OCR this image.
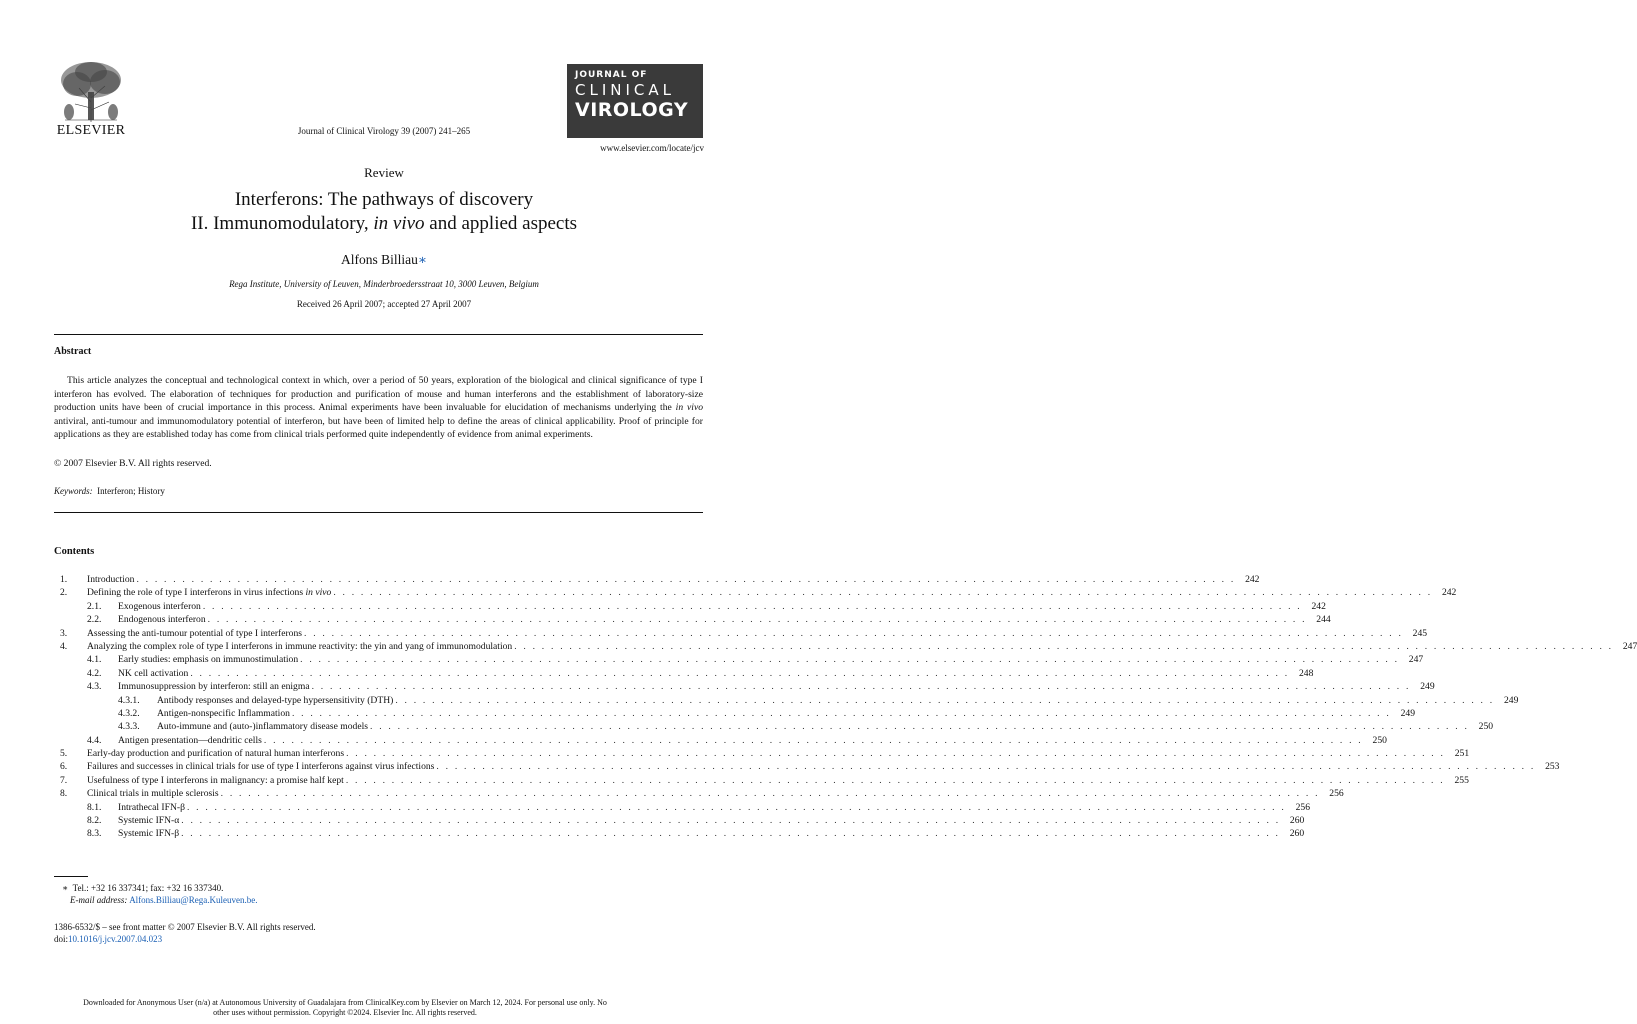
ELSEVIER	Journal of Clinical Virology 39 (2007) 241–265
JOURNAL OF
CLINICAL
VIROLOGY
www.elsevier.com/locate/jcv
Review
Interferons: The pathways of discovery
II. Immunomodulatory, in vivo and applied aspects
Alfons Billiau∗
Rega Institute, University of Leuven, Minderbroedersstraat 10, 3000 Leuven, Belgium
Received 26 April 2007; accepted 27 April 2007
Abstract

This article analyzes the conceptual and technological context in which, over a period of 50 years, exploration of the biological and clinical significance of type I interferon has evolved. The elaboration of techniques for production and purification of mouse and human interferons and the establishment of laboratory-size production units have been of crucial importance in this process. Animal experiments have been invaluable for elucidation of mechanisms underlying the in vivo antiviral, anti-tumour and immunomodulatory potential of interferon, but have been of limited help to define the areas of clinical applicability. Proof of principle for applications as they are established today has come from clinical trials performed quite independently of evidence from animal experiments.

© 2007 Elsevier B.V. All rights reserved.
Keywords: Interferon; History
Contents
1.	Introduction . . . . . . . . . . . . . . . . . . . . . . . . . . . . . . . . . . . . . . . . . . . . . . . . . . . . . . . . . . . . . . . . . . . . . . . . . . . . . . . . . . . . . . . . . . . . . . . . . . . . . . . . . . . . . . . . . . . . . . . .	242
2.	Defining the role of type I interferons in virus infections in vivo . . . . . . . . . . . . . . . . . . . . . . . . . . . . . . . . . . . . . . . . . . . . . . . . . . . . . . . . . . . . . . . . . . . . . . . . . . . . . . . . . . . . . . . . . . . . . . . . . . . . . . . . . . . . . . . . . . . . . . . .	242
2.1.	Exogenous interferon . . . . . . . . . . . . . . . . . . . . . . . . . . . . . . . . . . . . . . . . . . . . . . . . . . . . . . . . . . . . . . . . . . . . . . . . . . . . . . . . . . . . . . . . . . . . . . . . . . . . . . . . . . . . . . . . . . . . . . . .	242
2.2.	Endogenous interferon . . . . . . . . . . . . . . . . . . . . . . . . . . . . . . . . . . . . . . . . . . . . . . . . . . . . . . . . . . . . . . . . . . . . . . . . . . . . . . . . . . . . . . . . . . . . . . . . . . . . . . . . . . . . . . . . . . . . . . . .	244
3.	Assessing the anti-tumour potential of type I interferons . . . . . . . . . . . . . . . . . . . . . . . . . . . . . . . . . . . . . . . . . . . . . . . . . . . . . . . . . . . . . . . . . . . . . . . . . . . . . . . . . . . . . . . . . . . . . . . . . . . . . . . . . . . . . . . . . . . . . . . .	245
4.	Analyzing the complex role of type I interferons in immune reactivity: the yin and yang of immunomodulation . . . . . . . . . . . . . . . . . . . . . . . . . . . . . . . . . . . . . . . . . . . . . . . . . . . . . . . . . . . . . . . . . . . . . . . . . . . . . . . . . . . . . . . . . . . . . . . . . . . . . . . . . . . . . . . . . . . . . . . .	247
4.1.	Early studies: emphasis on immunostimulation . . . . . . . . . . . . . . . . . . . . . . . . . . . . . . . . . . . . . . . . . . . . . . . . . . . . . . . . . . . . . . . . . . . . . . . . . . . . . . . . . . . . . . . . . . . . . . . . . . . . . . . . . . . . . . . . . . . . . . . .	247
4.2.	NK cell activation . . . . . . . . . . . . . . . . . . . . . . . . . . . . . . . . . . . . . . . . . . . . . . . . . . . . . . . . . . . . . . . . . . . . . . . . . . . . . . . . . . . . . . . . . . . . . . . . . . . . . . . . . . . . . . . . . . . . . . . .	248
4.3.	Immunosuppression by interferon: still an enigma . . . . . . . . . . . . . . . . . . . . . . . . . . . . . . . . . . . . . . . . . . . . . . . . . . . . . . . . . . . . . . . . . . . . . . . . . . . . . . . . . . . . . . . . . . . . . . . . . . . . . . . . . . . . . . . . . . . . . . . .	249
4.3.1.	Antibody responses and delayed-type hypersensitivity (DTH) . . . . . . . . . . . . . . . . . . . . . . . . . . . . . . . . . . . . . . . . . . . . . . . . . . . . . . . . . . . . . . . . . . . . . . . . . . . . . . . . . . . . . . . . . . . . . . . . . . . . . . . . . . . . . . . . . . . . . . . .	249
4.3.2.	Antigen-nonspecific Inflammation . . . . . . . . . . . . . . . . . . . . . . . . . . . . . . . . . . . . . . . . . . . . . . . . . . . . . . . . . . . . . . . . . . . . . . . . . . . . . . . . . . . . . . . . . . . . . . . . . . . . . . . . . . . . . . . . . . . . . . . .	249
4.3.3.	Auto-immune and (auto-)inflammatory disease models . . . . . . . . . . . . . . . . . . . . . . . . . . . . . . . . . . . . . . . . . . . . . . . . . . . . . . . . . . . . . . . . . . . . . . . . . . . . . . . . . . . . . . . . . . . . . . . . . . . . . . . . . . . . . . . . . . . . . . . .	250
4.4.	Antigen presentation—dendritic cells . . . . . . . . . . . . . . . . . . . . . . . . . . . . . . . . . . . . . . . . . . . . . . . . . . . . . . . . . . . . . . . . . . . . . . . . . . . . . . . . . . . . . . . . . . . . . . . . . . . . . . . . . . . . . . . . . . . . . . . .	250
5.	Early-day production and purification of natural human interferons . . . . . . . . . . . . . . . . . . . . . . . . . . . . . . . . . . . . . . . . . . . . . . . . . . . . . . . . . . . . . . . . . . . . . . . . . . . . . . . . . . . . . . . . . . . . . . . . . . . . . . . . . . . . . . . . . . . . . . . .	251
6.	Failures and successes in clinical trials for use of type I interferons against virus infections . . . . . . . . . . . . . . . . . . . . . . . . . . . . . . . . . . . . . . . . . . . . . . . . . . . . . . . . . . . . . . . . . . . . . . . . . . . . . . . . . . . . . . . . . . . . . . . . . . . . . . . . . . . . . . . . . . . . . . . .	253
7.	Usefulness of type I interferons in malignancy: a promise half kept . . . . . . . . . . . . . . . . . . . . . . . . . . . . . . . . . . . . . . . . . . . . . . . . . . . . . . . . . . . . . . . . . . . . . . . . . . . . . . . . . . . . . . . . . . . . . . . . . . . . . . . . . . . . . . . . . . . . . . . .	255
8.	Clinical trials in multiple sclerosis . . . . . . . . . . . . . . . . . . . . . . . . . . . . . . . . . . . . . . . . . . . . . . . . . . . . . . . . . . . . . . . . . . . . . . . . . . . . . . . . . . . . . . . . . . . . . . . . . . . . . . . . . . . . . . . . . . . . . . . .	256
8.1.	Intrathecal IFN-β . . . . . . . . . . . . . . . . . . . . . . . . . . . . . . . . . . . . . . . . . . . . . . . . . . . . . . . . . . . . . . . . . . . . . . . . . . . . . . . . . . . . . . . . . . . . . . . . . . . . . . . . . . . . . . . . . . . . . . . .	256
8.2.	Systemic IFN-α . . . . . . . . . . . . . . . . . . . . . . . . . . . . . . . . . . . . . . . . . . . . . . . . . . . . . . . . . . . . . . . . . . . . . . . . . . . . . . . . . . . . . . . . . . . . . . . . . . . . . . . . . . . . . . . . . . . . . . . .	260
8.3.	Systemic IFN-β . . . . . . . . . . . . . . . . . . . . . . . . . . . . . . . . . . . . . . . . . . . . . . . . . . . . . . . . . . . . . . . . . . . . . . . . . . . . . . . . . . . . . . . . . . . . . . . . . . . . . . . . . . . . . . . . . . . . . . . .	260
∗ Tel.: +32 16 337341; fax: +32 16 337340.
E-mail address: Alfons.Billiau@Rega.Kuleuven.be.
1386-6532/$ – see front matter © 2007 Elsevier B.V. All rights reserved.
doi:10.1016/j.jcv.2007.04.023
Downloaded for Anonymous User (n/a) at Autonomous University of Guadalajara from ClinicalKey.com by Elsevier on March 12, 2024. For personal use only. No other uses without permission. Copyright ©2024. Elsevier Inc. All rights reserved.
